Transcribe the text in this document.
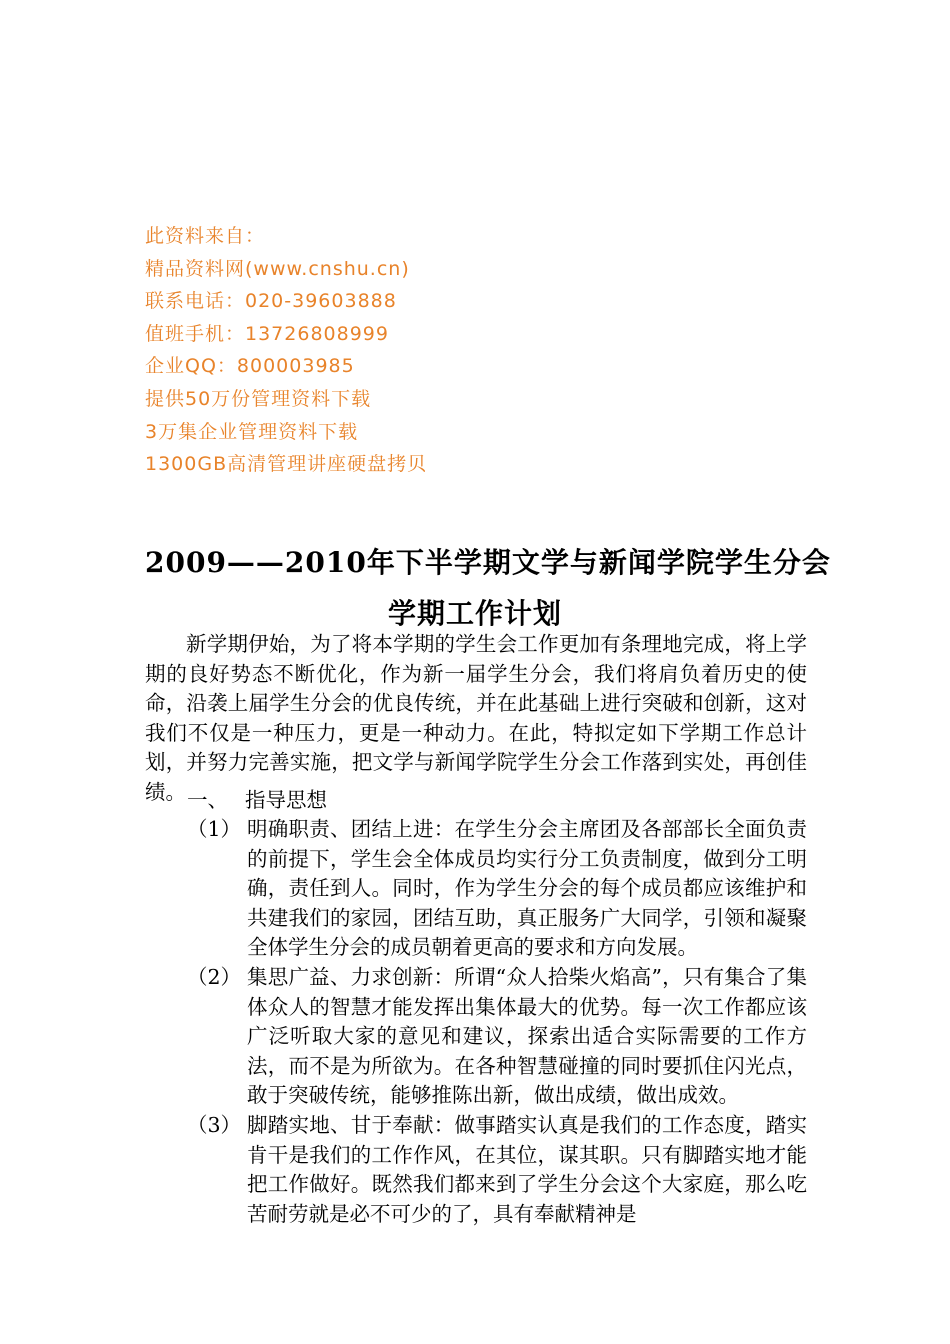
此资料来自：
精品资料网(www.cnshu.cn)
联系电话：020-39603888
值班手机：13726808999
企业QQ：800003985
提供50万份管理资料下载
3万集企业管理资料下载
1300GB高清管理讲座硬盘拷贝
2009——2010年下半学期文学与新闻学院学生分会
学期工作计划
新学期伊始，为了将本学期的学生会工作更加有条理地完成，将上学期的良好势态不断优化，作为新一届学生分会，我们将肩负着历史的使命，沿袭上届学生分会的优良传统，并在此基础上进行突破和创新，这对我们不仅是一种压力，更是一种动力。在此，特拟定如下学期工作总计划，并努力完善实施，把文学与新闻学院学生分会工作落到实处，再创佳绩。 一、 指导思想
（1） 明确职责、团结上进：在学生分会主席团及各部部长全面负责的前提下，学生会全体成员均实行分工负责制度，做到分工明确，责任到人。同时，作为学生分会的每个成员都应该维护和共建我们的家园，团结互助，真正服务广大同学，引领和凝聚全体学生分会的成员朝着更高的要求和方向发展。
（2） 集思广益、力求创新：所谓“众人拾柴火焰高”，只有集合了集体众人的智慧才能发挥出集体最大的优势。每一次工作都应该广泛听取大家的意见和建议，探索出适合实际需要的工作方法，而不是为所欲为。在各种智慧碰撞的同时要抓住闪光点，敢于突破传统，能够推陈出新，做出成绩，做出成效。
（3） 脚踏实地、甘于奉献：做事踏实认真是我们的工作态度，踏实肯干是我们的工作作风，在其位，谋其职。只有脚踏实地才能把工作做好。既然我们都来到了学生分会这个大家庭，那么吃苦耐劳就是必不可少的了，具有奉献精神是
